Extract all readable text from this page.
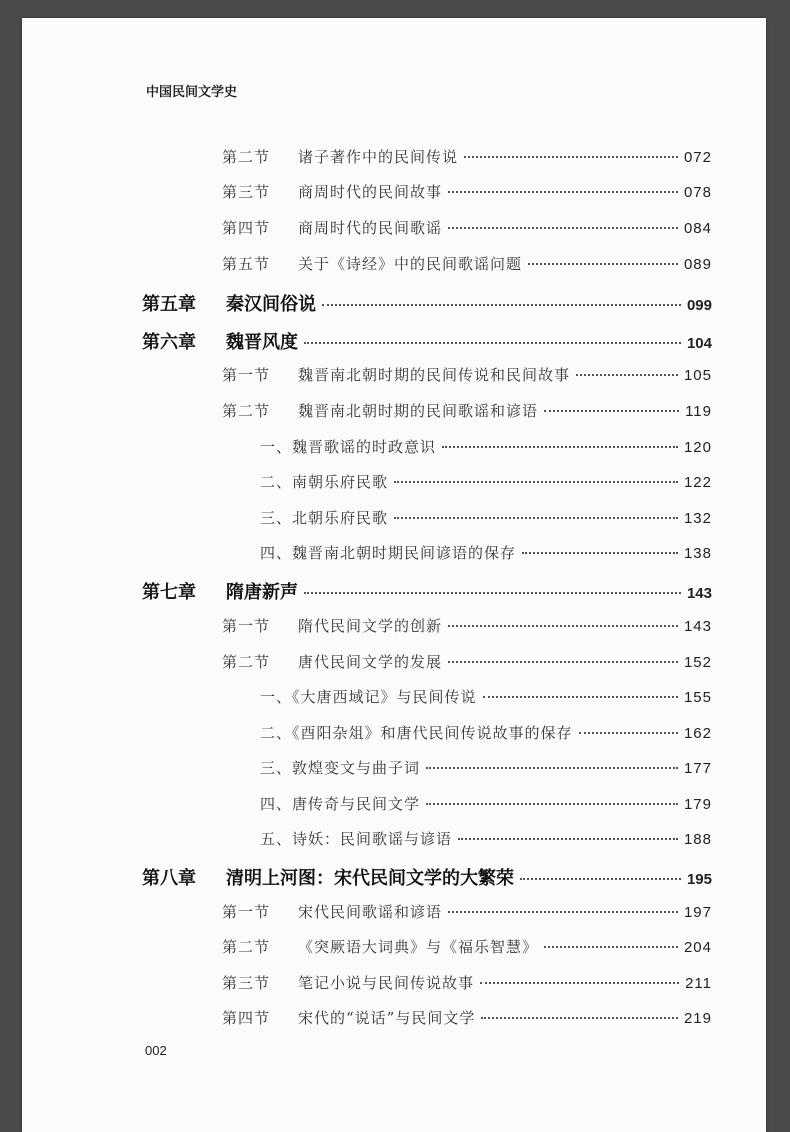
中国民间文学史
第二节	诸子著作中的民间传说	072
第三节	商周时代的民间故事	078
第四节	商周时代的民间歌谣	084
第五节	关于《诗经》中的民间歌谣问题	089
第五章	秦汉间俗说	099
第六章	魏晋风度	104
第一节	魏晋南北朝时期的民间传说和民间故事	105
第二节	魏晋南北朝时期的民间歌谣和谚语	119
一、魏晋歌谣的时政意识	120
二、南朝乐府民歌	122
三、北朝乐府民歌	132
四、魏晋南北朝时期民间谚语的保存	138
第七章	隋唐新声	143
第一节	隋代民间文学的创新	143
第二节	唐代民间文学的发展	152
一、《大唐西域记》与民间传说	155
二、《酉阳杂俎》和唐代民间传说故事的保存	162
三、敦煌变文与曲子词	177
四、唐传奇与民间文学	179
五、诗妖：民间歌谣与谚语	188
第八章	清明上河图：宋代民间文学的大繁荣	195
第一节	宋代民间歌谣和谚语	197
第二节	《突厥语大词典》与《福乐智慧》	204
第三节	笔记小说与民间传说故事	211
第四节	宋代的“说话”与民间文学	219
002
